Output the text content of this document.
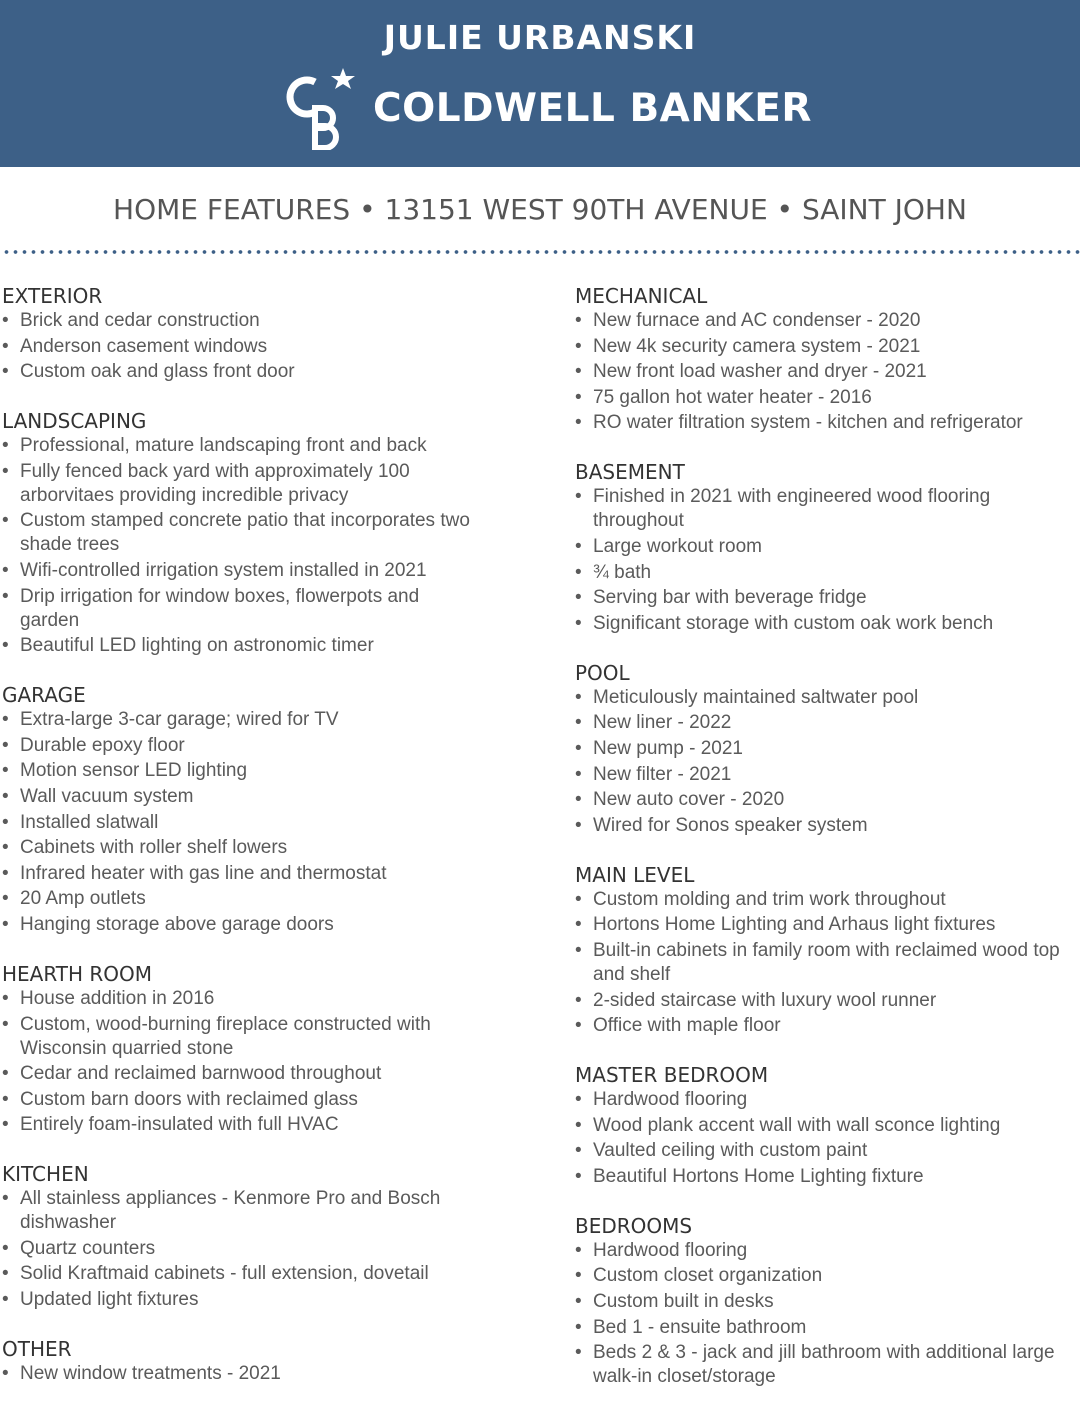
JULIE URBANSKI
COLDWELL BANKER
HOME FEATURES • 13151 WEST 90TH AVENUE • SAINT JOHN
EXTERIOR
• Brick and cedar construction
• Anderson casement windows
• Custom oak and glass front door
LANDSCAPING
• Professional, mature landscaping front and back
• Fully fenced back yard with approximately 100 arborvitaes providing incredible privacy
• Custom stamped concrete patio that incorporates two shade trees
• Wifi-controlled irrigation system installed in 2021
• Drip irrigation for window boxes, flowerpots and garden
• Beautiful LED lighting on astronomic timer
GARAGE
• Extra-large 3-car garage; wired for TV
• Durable epoxy floor
• Motion sensor LED lighting
• Wall vacuum system
• Installed slatwall
• Cabinets with roller shelf lowers
• Infrared heater with gas line and thermostat
• 20 Amp outlets
• Hanging storage above garage doors
HEARTH ROOM
• House addition in 2016
• Custom, wood-burning fireplace constructed with Wisconsin quarried stone
• Cedar and reclaimed barnwood throughout
• Custom barn doors with reclaimed glass
• Entirely foam-insulated with full HVAC
KITCHEN
• All stainless appliances - Kenmore Pro and Bosch dishwasher
• Quartz counters
• Solid Kraftmaid cabinets - full extension, dovetail
• Updated light fixtures
OTHER
• New window treatments - 2021
MECHANICAL
• New furnace and AC condenser - 2020
• New 4k security camera system - 2021
• New front load washer and dryer - 2021
• 75 gallon hot water heater - 2016
• RO water filtration system - kitchen and refrigerator
BASEMENT
• Finished in 2021 with engineered wood flooring throughout
• Large workout room
• ¾ bath
• Serving bar with beverage fridge
• Significant storage with custom oak work bench
POOL
• Meticulously maintained saltwater pool
• New liner - 2022
• New pump - 2021
• New filter - 2021
• New auto cover - 2020
• Wired for Sonos speaker system
MAIN LEVEL
• Custom molding and trim work throughout
• Hortons Home Lighting and Arhaus light fixtures
• Built-in cabinets in family room with reclaimed wood top and shelf
• 2-sided staircase with luxury wool runner
• Office with maple floor
MASTER BEDROOM
• Hardwood flooring
• Wood plank accent wall with wall sconce lighting
• Vaulted ceiling with custom paint
• Beautiful Hortons Home Lighting fixture
BEDROOMS
• Hardwood flooring
• Custom closet organization
• Custom built in desks
• Bed 1 - ensuite bathroom
• Beds 2 & 3 - jack and jill bathroom with additional large walk-in closet/storage
